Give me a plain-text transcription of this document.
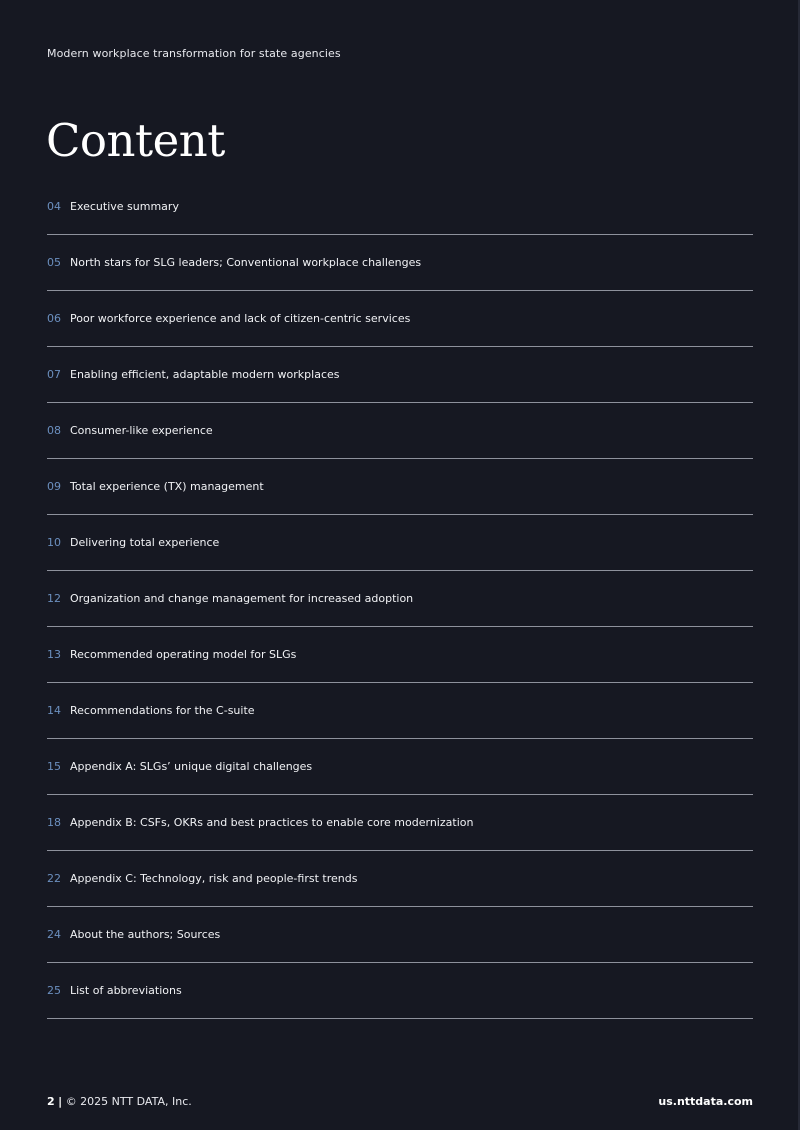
Modern workplace transformation for state agencies
Content
04 Executive summary
05 North stars for SLG leaders; Conventional workplace challenges
06 Poor workforce experience and lack of citizen-centric services
07 Enabling efficient, adaptable modern workplaces
08 Consumer-like experience
09 Total experience (TX) management
10 Delivering total experience
12 Organization and change management for increased adoption
13 Recommended operating model for SLGs
14 Recommendations for the C-suite
15 Appendix A: SLGs’ unique digital challenges
18 Appendix B: CSFs, OKRs and best practices to enable core modernization
22 Appendix C: Technology, risk and people-first trends
24 About the authors; Sources
25 List of abbreviations
2 | © 2025 NTT DATA, Inc.	us.nttdata.com
